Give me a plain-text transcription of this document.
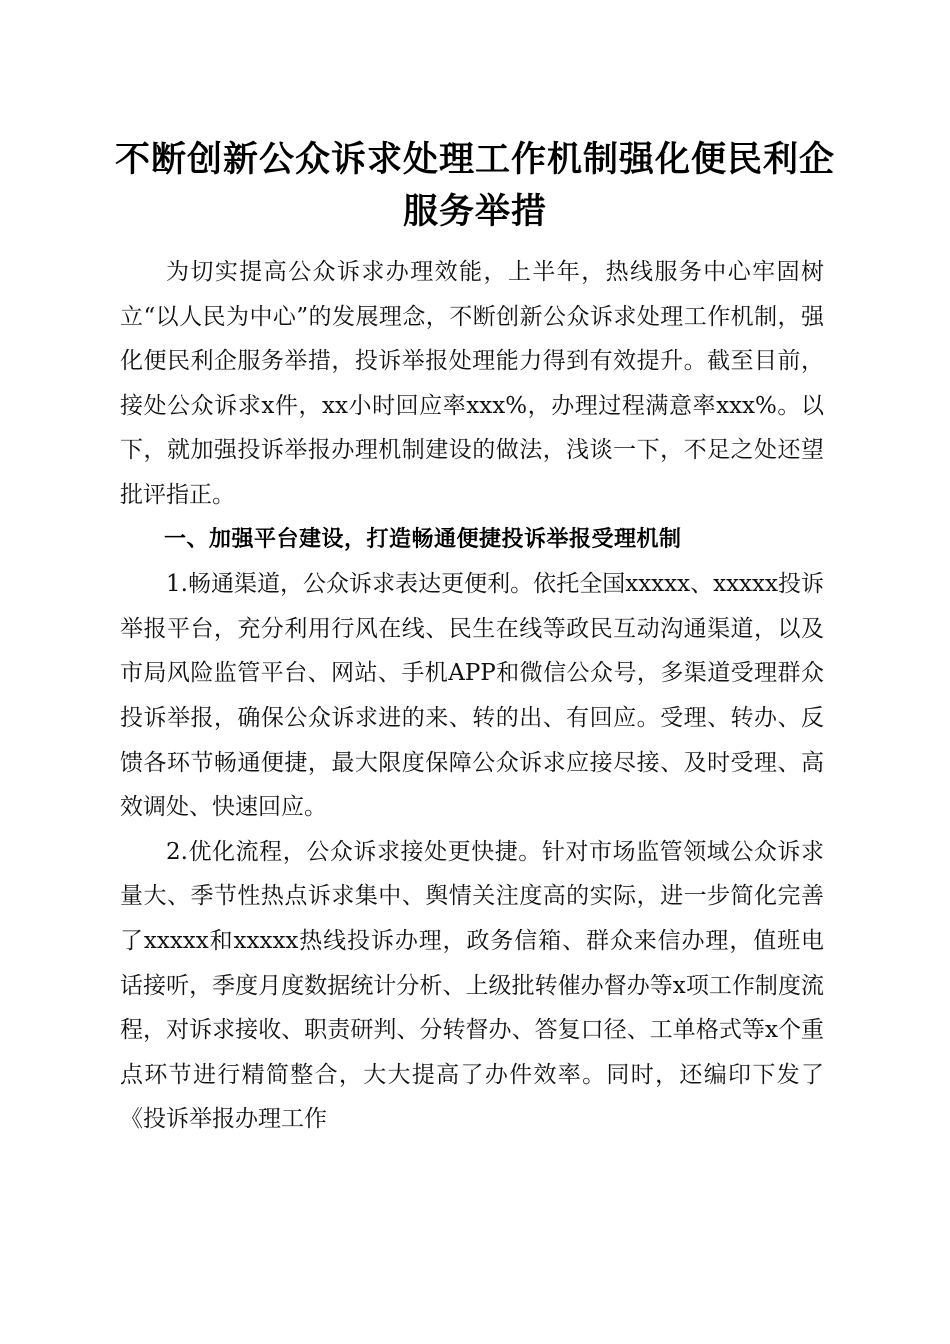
不断创新公众诉求处理工作机制强化便民利企服务举措

为切实提高公众诉求办理效能，上半年，热线服务中心牢固树立“以人民为中心”的发展理念，不断创新公众诉求处理工作机制，强化便民利企服务举措，投诉举报处理能力得到有效提升。截至目前，接处公众诉求x件，xx小时回应率xxx%，办理过程满意率xxx%。以下，就加强投诉举报办理机制建设的做法，浅谈一下，不足之处还望批评指正。

一、加强平台建设，打造畅通便捷投诉举报受理机制

1.畅通渠道，公众诉求表达更便利。依托全国xxxxx、xxxxx投诉举报平台，充分利用行风在线、民生在线等政民互动沟通渠道，以及市局风险监管平台、网站、手机APP和微信公众号，多渠道受理群众投诉举报，确保公众诉求进的来、转的出、有回应。受理、转办、反馈各环节畅通便捷，最大限度保障公众诉求应接尽接、及时受理、高效调处、快速回应。

2.优化流程，公众诉求接处更快捷。针对市场监管领域公众诉求量大、季节性热点诉求集中、舆情关注度高的实际，进一步简化完善了xxxxx和xxxxx热线投诉办理，政务信箱、群众来信办理，值班电话接听，季度月度数据统计分析、上级批转催办督办等x项工作制度流程，对诉求接收、职责研判、分转督办、答复口径、工单格式等x个重点环节进行精简整合，大大提高了办件效率。同时，还编印下发了《投诉举报办理工作
